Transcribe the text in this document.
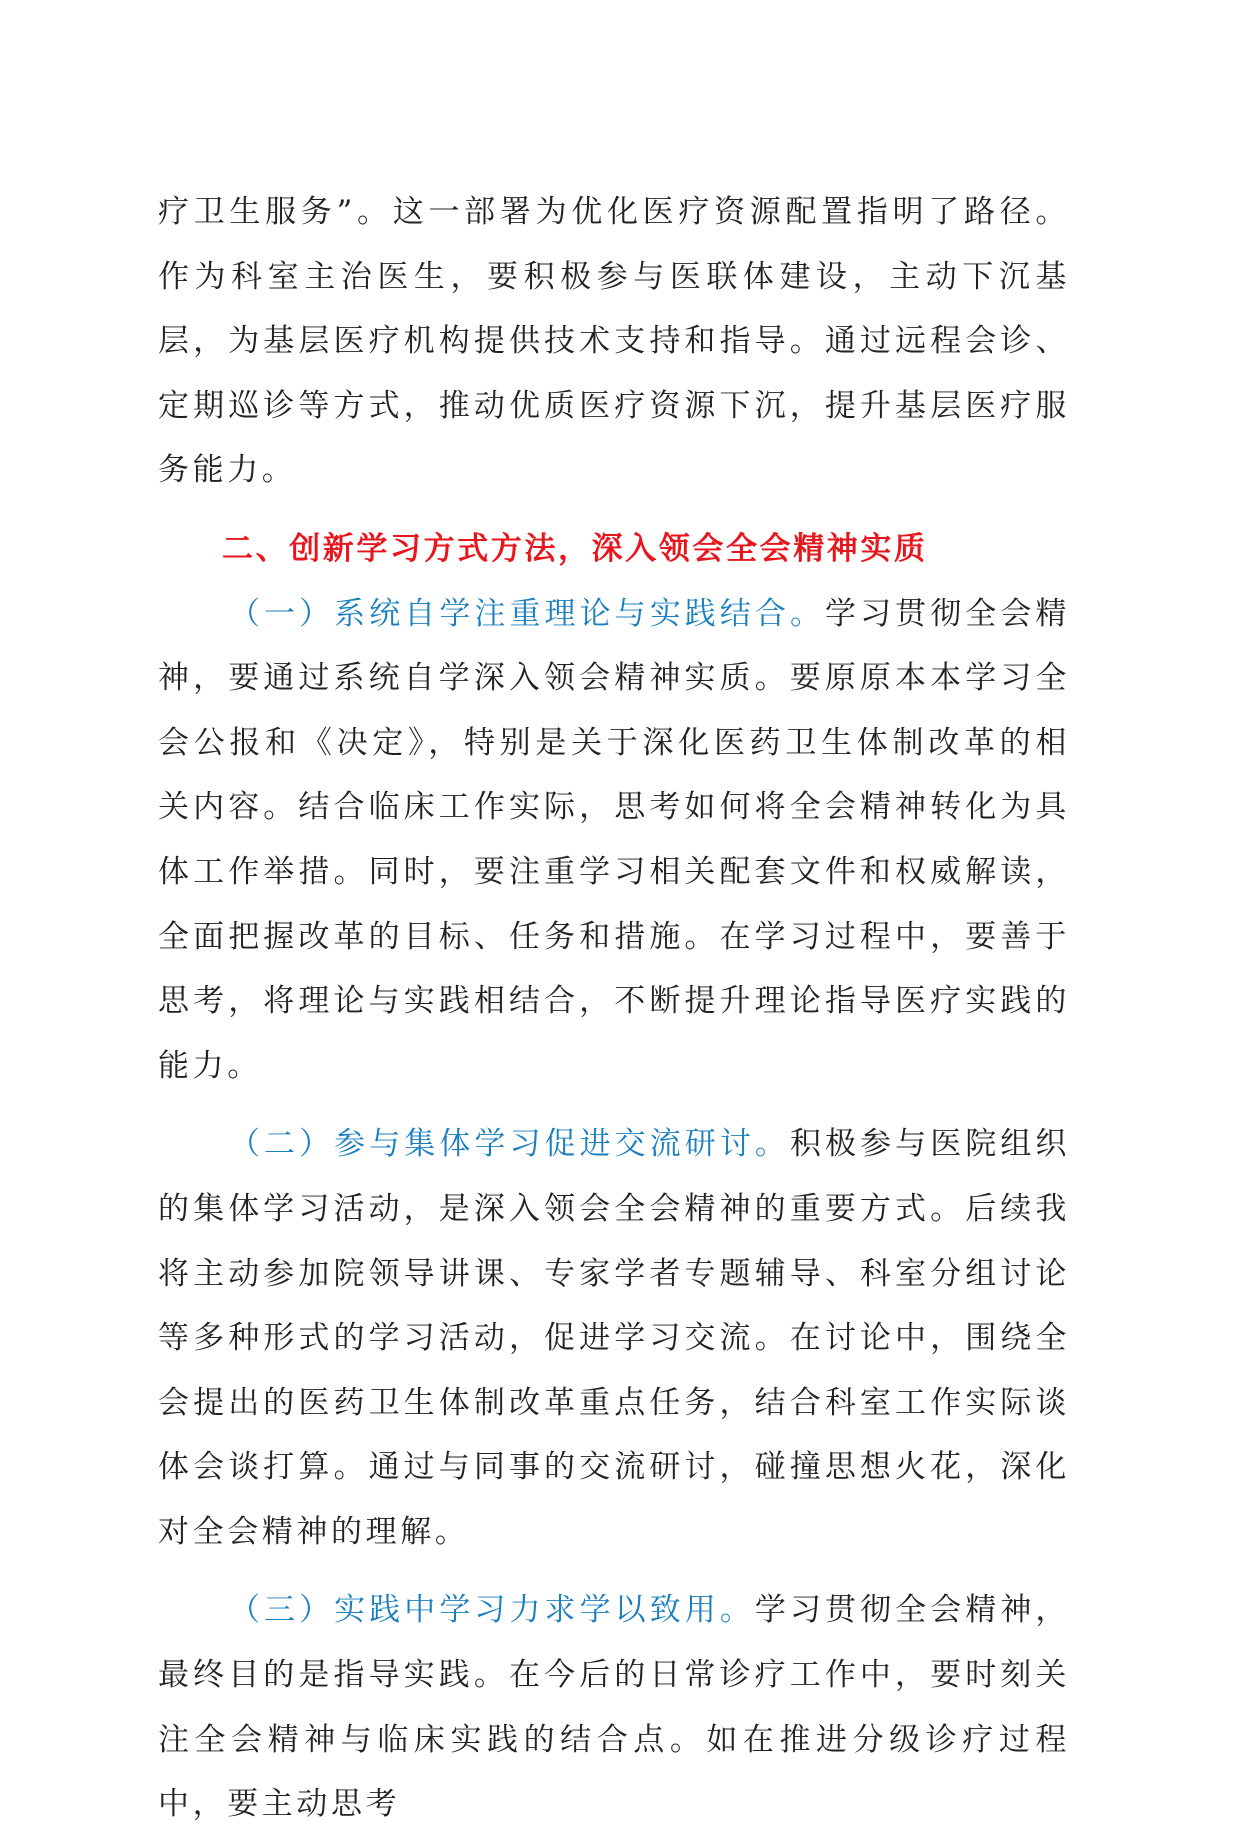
疗卫生服务”。这一部署为优化医疗资源配置指明了路径。作为科室主治医生，要积极参与医联体建设，主动下沉基层，为基层医疗机构提供技术支持和指导。通过远程会诊、定期巡诊等方式，推动优质医疗资源下沉，提升基层医疗服务能力。

二、创新学习方式方法，深入领会全会精神实质

（一）系统自学注重理论与实践结合。学习贯彻全会精神，要通过系统自学深入领会精神实质。要原原本本学习全会公报和《决定》，特别是关于深化医药卫生体制改革的相关内容。结合临床工作实际，思考如何将全会精神转化为具体工作举措。同时，要注重学习相关配套文件和权威解读，全面把握改革的目标、任务和措施。在学习过程中，要善于思考，将理论与实践相结合，不断提升理论指导医疗实践的能力。

（二）参与集体学习促进交流研讨。积极参与医院组织的集体学习活动，是深入领会全会精神的重要方式。后续我将主动参加院领导讲课、专家学者专题辅导、科室分组讨论等多种形式的学习活动，促进学习交流。在讨论中，围绕全会提出的医药卫生体制改革重点任务，结合科室工作实际谈体会谈打算。通过与同事的交流研讨，碰撞思想火花，深化对全会精神的理解。

（三）实践中学习力求学以致用。学习贯彻全会精神，最终目的是指导实践。在今后的日常诊疗工作中，要时刻关注全会精神与临床实践的结合点。如在推进分级诊疗过程中，要主动思考
